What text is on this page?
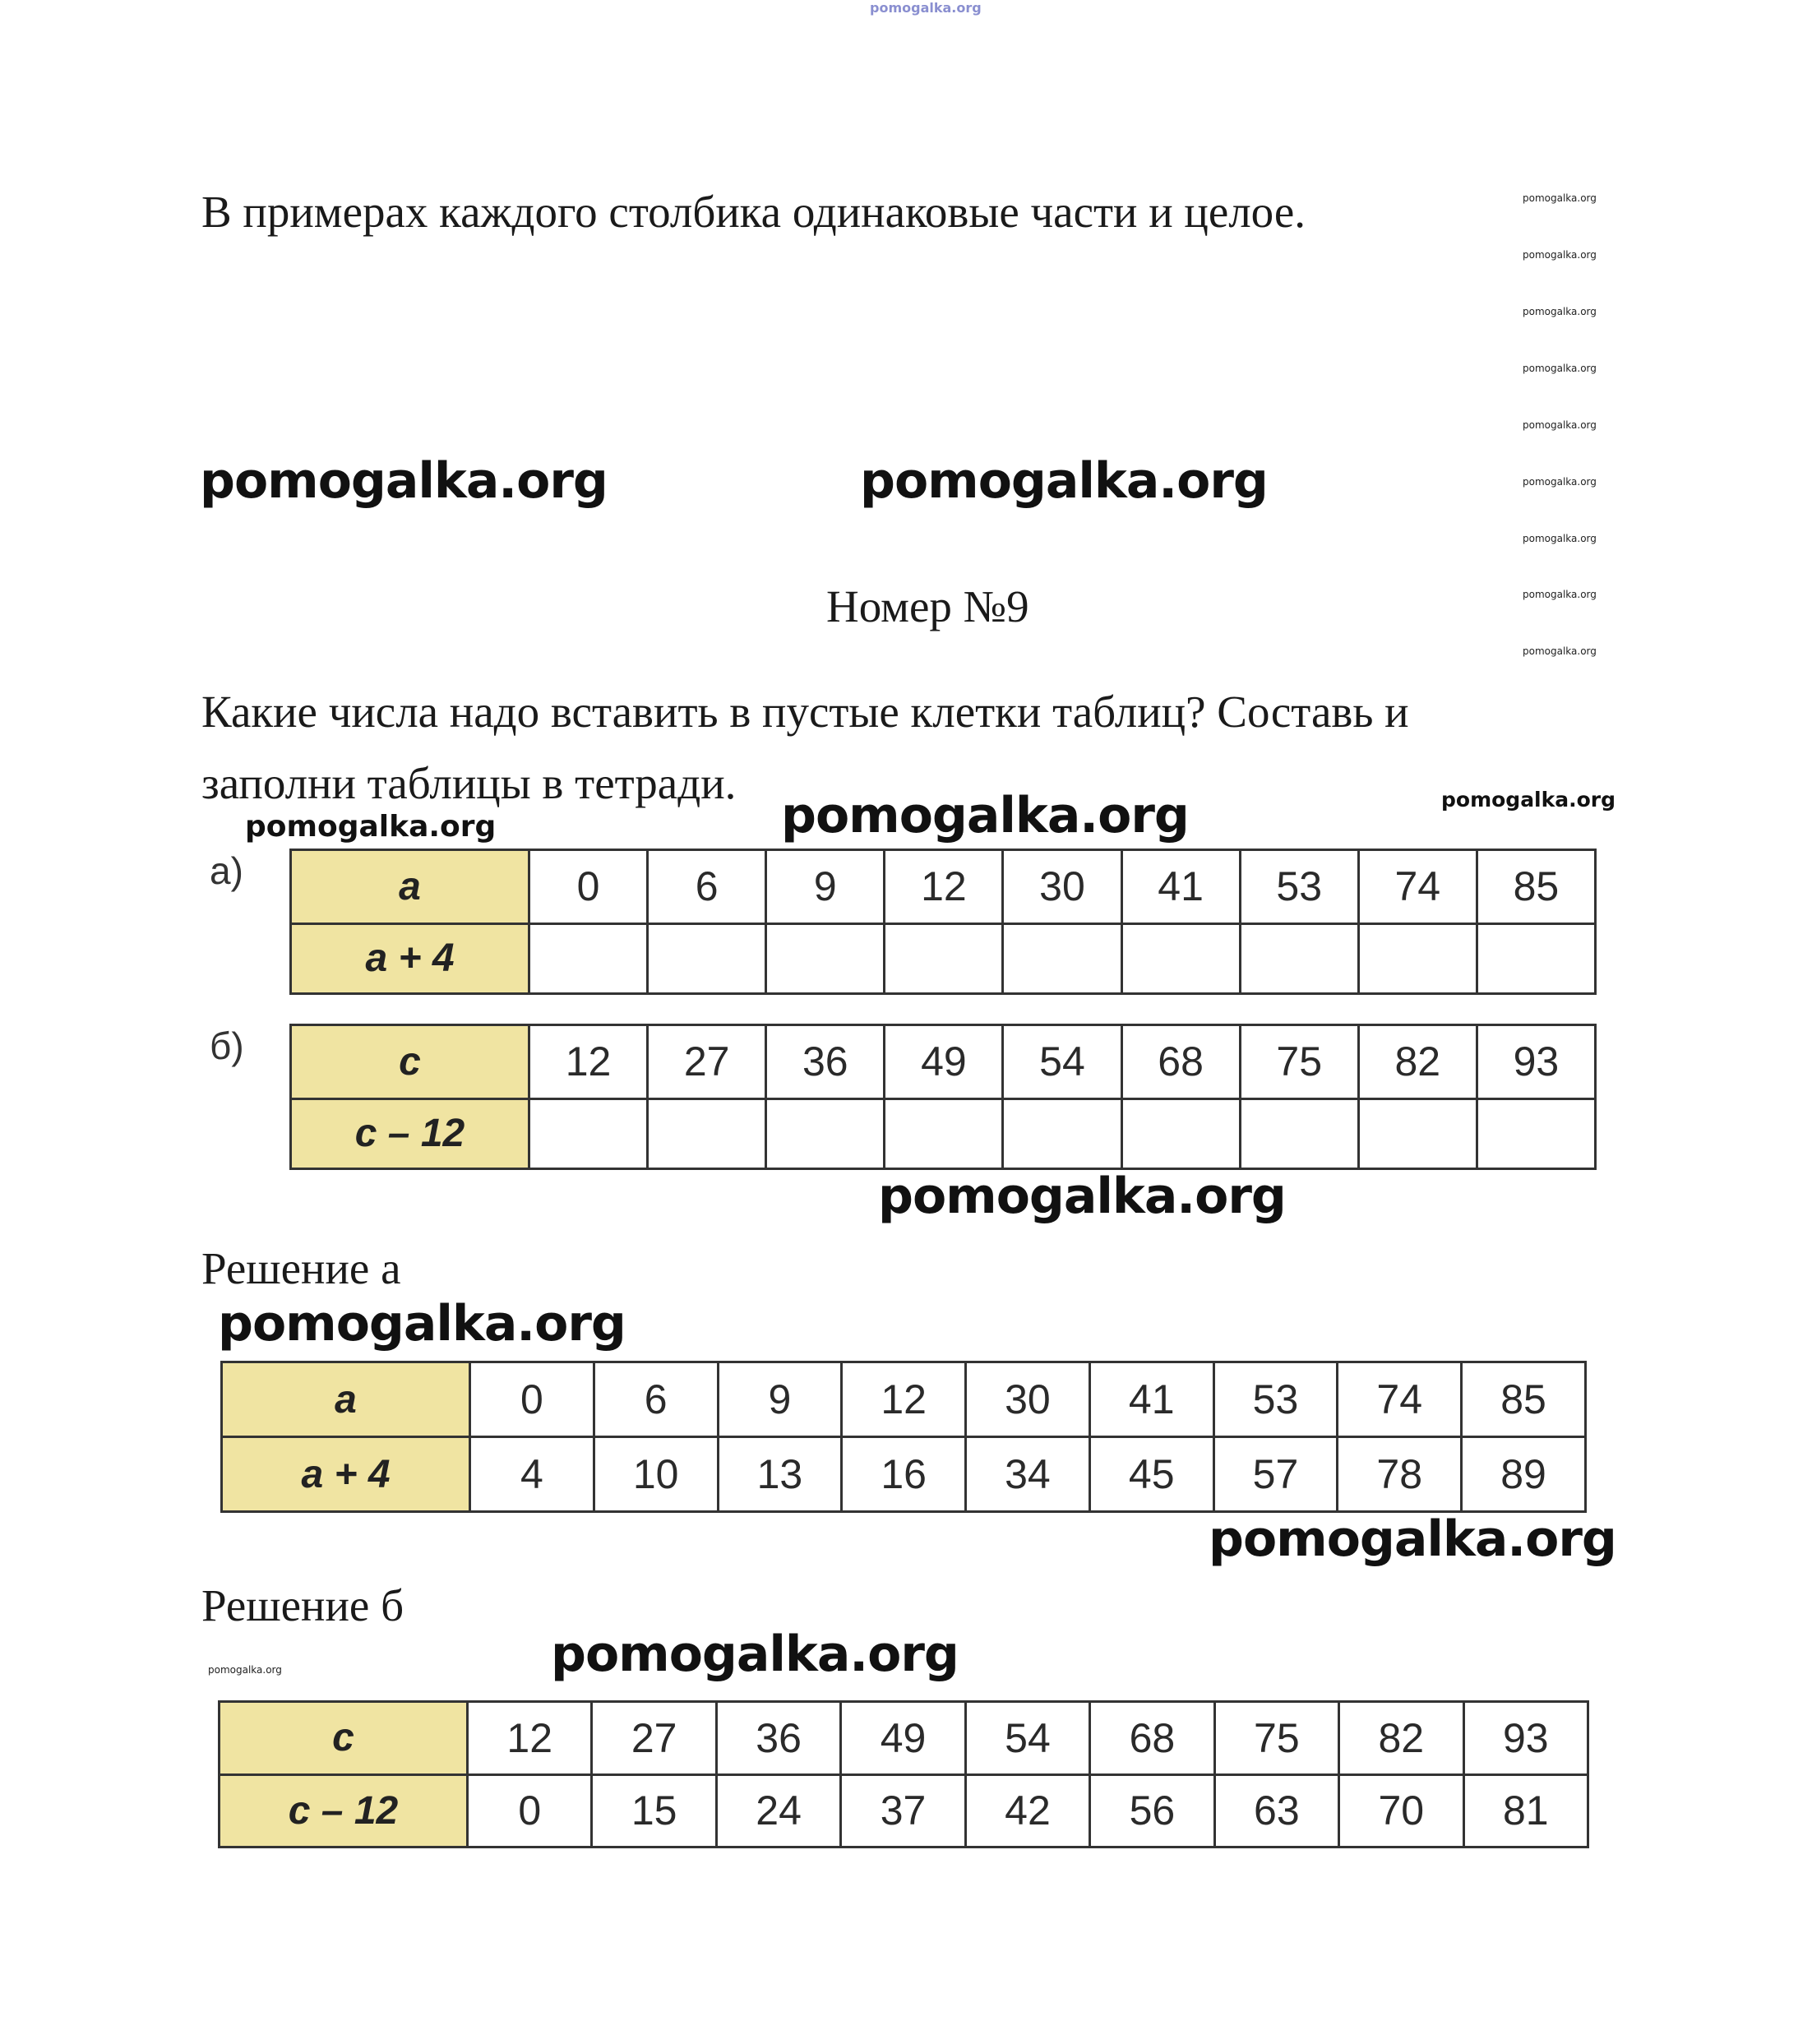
pomogalka.org
В примерах каждого столбика одинаковые части и целое.	pomogalka.org
pomogalka.org
pomogalka.org
pomogalka.org
pomogalka.org
pomogalka.org
pomogalka.org
pomogalka.org
pomogalka.org
pomogalka.org	pomogalka.org
Номер №9
Какие числа надо вставить в пустые клетки таблиц? Составь и
заполни таблицы в тетради.	pomogalka.org
pomogalka.org	pomogalka.org
а)	a	0	6	9	12	30	41	53	74	85
a + 4									
б)	c	12	27	36	49	54	68	75	82	93
c – 12									
pomogalka.org
Решение а
pomogalka.org
a	0	6	9	12	30	41	53	74	85
a + 4	4	10	13	16	34	45	57	78	89
pomogalka.org
Решение б
pomogalka.org
pomogalka.org
c	12	27	36	49	54	68	75	82	93
c – 12	0	15	24	37	42	56	63	70	81
